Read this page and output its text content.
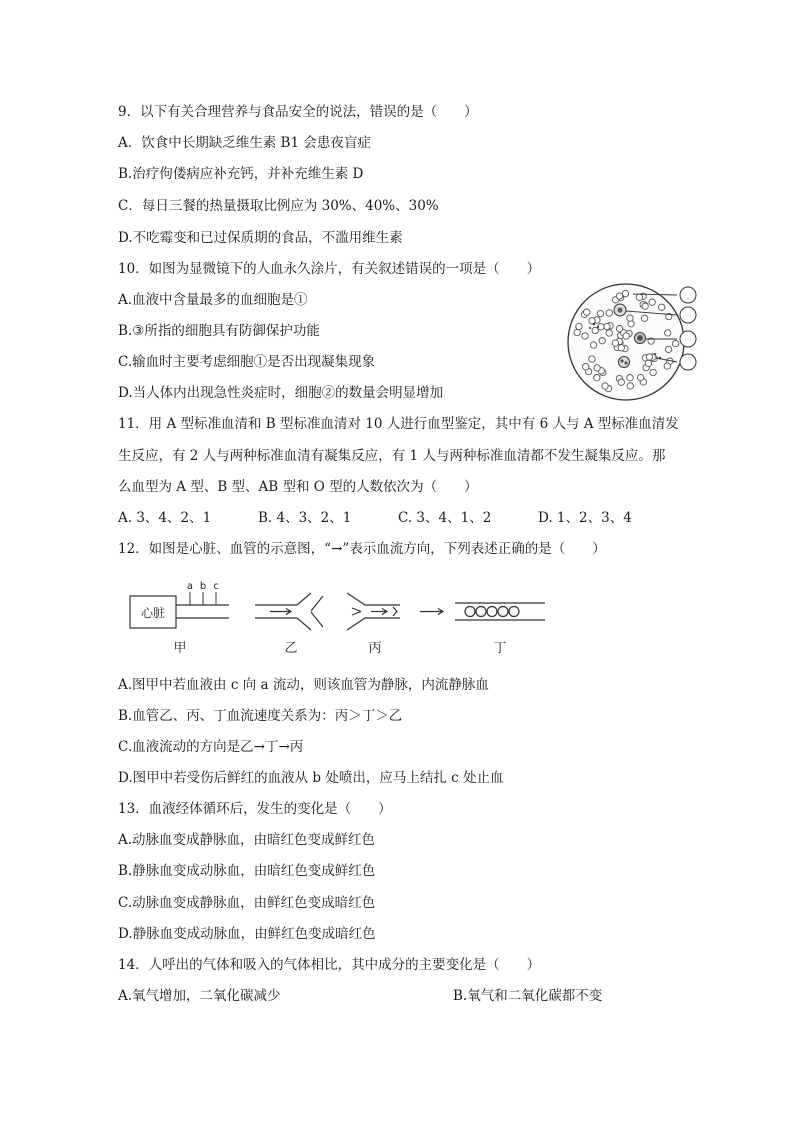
9．以下有关合理营养与食品安全的说法，错误的是（　　）
A．饮食中长期缺乏维生素 B1 会患夜盲症
B.治疗佝偻病应补充钙，并补充维生素 D
C．每日三餐的热量摄取比例应为 30%、40%、30%
D.不吃霉变和已过保质期的食品，不滥用维生素
10．如图为显微镜下的人血永久涂片，有关叙述错误的一项是（　　）
A.血液中含量最多的血细胞是①
B.③所指的细胞具有防御保护功能
C.输血时主要考虑细胞①是否出现凝集现象
D.当人体内出现急性炎症时，细胞②的数量会明显增加
11．用 A 型标准血清和 B 型标准血清对 10 人进行血型鉴定，其中有 6 人与 A 型标准血清发
生反应，有 2 人与两种标准血清有凝集反应，有 1 人与两种标准血清都不发生凝集反应。那
么血型为 A 型、B 型、AB 型和 O 型的人数依次为（　　）
A. 3、4、2、1	B. 4、3、2、1	C. 3、4、1、2	D. 1、2、3、4
12．如图是心脏、血管的示意图，“→”表示血流方向，下列表述正确的是（　　）
心脏
a b c
甲	乙	丙	丁
A.图甲中若血液由 c 向 a 流动，则该血管为静脉，内流静脉血
B.血管乙、丙、丁血流速度关系为：丙＞丁＞乙
C.血液流动的方向是乙→丁→丙
D.图甲中若受伤后鲜红的血液从 b 处喷出，应马上结扎 c 处止血
13．血液经体循环后，发生的变化是（　　）
A.动脉血变成静脉血，由暗红色变成鲜红色
B.静脉血变成动脉血，由暗红色变成鲜红色
C.动脉血变成静脉血，由鲜红色变成暗红色
D.静脉血变成动脉血，由鲜红色变成暗红色
14．人呼出的气体和吸入的气体相比，其中成分的主要变化是（　　）
A.氧气增加，二氧化碳减少	B.氧气和二氧化碳都不变
